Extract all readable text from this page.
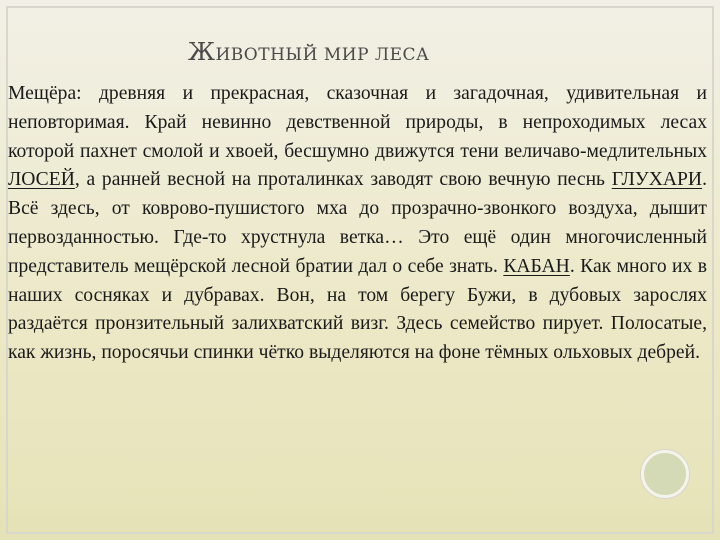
ЖИВОТНЫЙ МИР ЛЕСА
Мещёра: древняя и прекрасная, сказочная и загадочная, удивительная и неповторимая. Край невинно девственной природы, в непроходимых лесах которой пахнет смолой и хвоей, бесшумно движутся тени величаво-медлительных ЛОСЕЙ, а ранней весной на проталинках заводят свою вечную песнь ГЛУХАРИ. Всё здесь, от коврово-пушистого мха до прозрачно-звонкого воздуха, дышит первозданностью. Где-то хрустнула ветка… Это ещё один многочисленный представитель мещёрской лесной братии дал о себе знать. КАБАН. Как много их в наших сосняках и дубравах. Вон, на том берегу Бужи, в дубовых зарослях раздаётся пронзительный залихватский визг. Здесь семейство пирует. Полосатые, как жизнь, поросячьи спинки чётко выделяются на фоне тёмных ольховых дебрей.
